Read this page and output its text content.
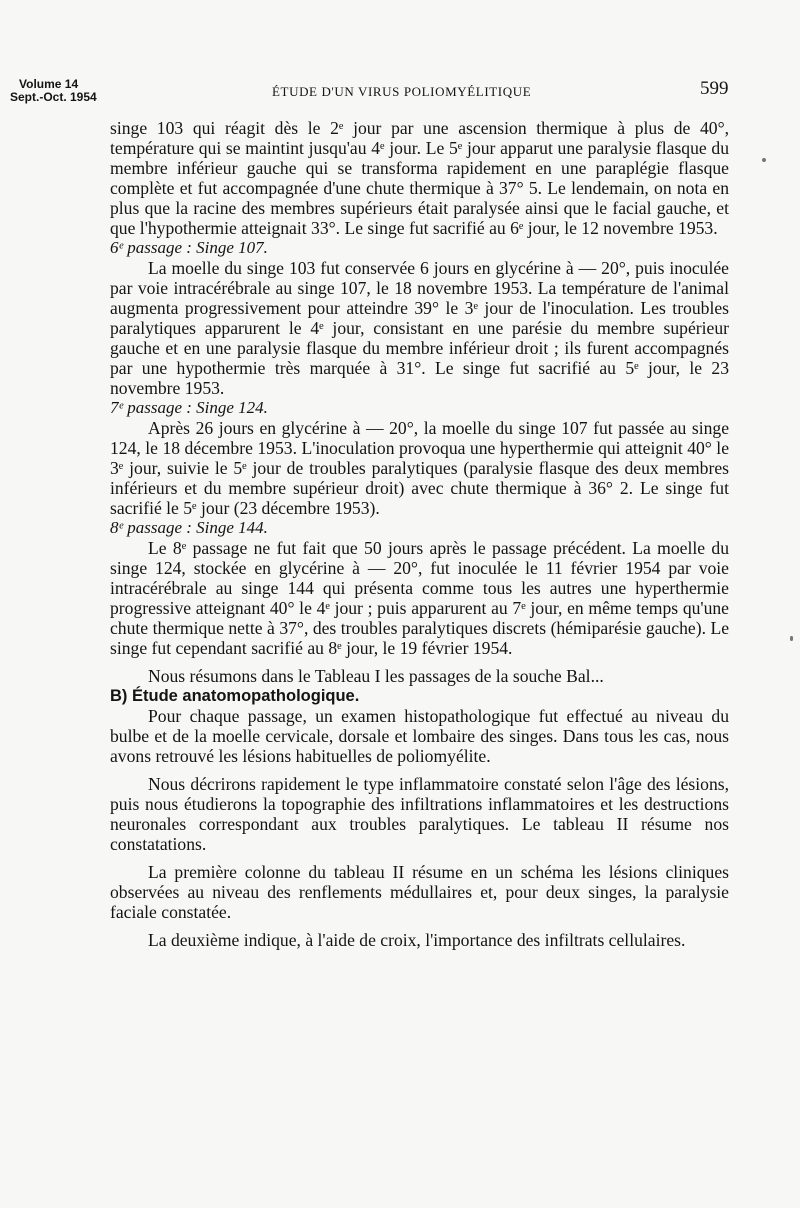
Volume 14
Sept.-Oct. 1954	ÉTUDE D'UN VIRUS POLIOMYÉLITIQUE	599

singe 103 qui réagit dès le 2ᵉ jour par une ascension thermique à plus de 40°, température qui se maintint jusqu'au 4ᵉ jour. Le 5ᵉ jour apparut une paralysie flasque du membre inférieur gauche qui se transforma rapidement en une paraplégie flasque complète et fut accompagnée d'une chute thermique à 37° 5. Le lendemain, on nota en plus que la racine des membres supérieurs était paralysée ainsi que le facial gauche, et que l'hypothermie atteignait 33°. Le singe fut sacrifié au 6ᵉ jour, le 12 novembre 1953.

6ᵉ passage : Singe 107.

La moelle du singe 103 fut conservée 6 jours en glycérine à — 20°, puis inoculée par voie intracérébrale au singe 107, le 18 novembre 1953. La température de l'animal augmenta progressivement pour atteindre 39° le 3ᵉ jour de l'inoculation. Les troubles paralytiques apparurent le 4ᵉ jour, consistant en une parésie du membre supérieur gauche et en une paralysie flasque du membre inférieur droit ; ils furent accompagnés par une hypothermie très marquée à 31°. Le singe fut sacrifié au 5ᵉ jour, le 23 novembre 1953.

7ᵉ passage : Singe 124.

Après 26 jours en glycérine à — 20°, la moelle du singe 107 fut passée au singe 124, le 18 décembre 1953. L'inoculation provoqua une hyperthermie qui atteignit 40° le 3ᵉ jour, suivie le 5ᵉ jour de troubles paralytiques (paralysie flasque des deux membres inférieurs et du membre supérieur droit) avec chute thermique à 36° 2. Le singe fut sacrifié le 5ᵉ jour (23 décembre 1953).

8ᵉ passage : Singe 144.

Le 8ᵉ passage ne fut fait que 50 jours après le passage précédent. La moelle du singe 124, stockée en glycérine à — 20°, fut inoculée le 11 février 1954 par voie intracérébrale au singe 144 qui présenta comme tous les autres une hyperthermie progressive atteignant 40° le 4ᵉ jour ; puis apparurent au 7ᵉ jour, en même temps qu'une chute thermique nette à 37°, des troubles paralytiques discrets (hémiparésie gauche). Le singe fut cependant sacrifié au 8ᵉ jour, le 19 février 1954.

Nous résumons dans le Tableau I les passages de la souche Bal...

B) Étude anatomopathologique.

Pour chaque passage, un examen histopathologique fut effectué au niveau du bulbe et de la moelle cervicale, dorsale et lombaire des singes. Dans tous les cas, nous avons retrouvé les lésions habituelles de poliomyélite.

Nous décrirons rapidement le type inflammatoire constaté selon l'âge des lésions, puis nous étudierons la topographie des infiltrations inflammatoires et les destructions neuronales correspondant aux troubles paralytiques. Le tableau II résume nos constatations.

La première colonne du tableau II résume en un schéma les lésions cliniques observées au niveau des renflements médullaires et, pour deux singes, la paralysie faciale constatée.

La deuxième indique, à l'aide de croix, l'importance des infiltrats cellulaires.
